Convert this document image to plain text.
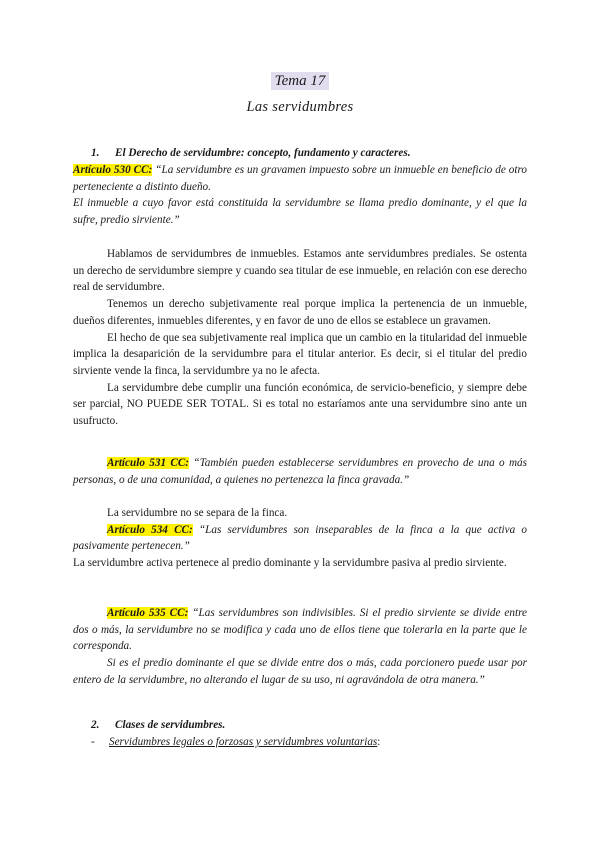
Tema 17
Las servidumbres
1. El Derecho de servidumbre: concepto, fundamento y caracteres.

Artículo 530 CC: “La servidumbre es un gravamen impuesto sobre un inmueble en beneficio de otro perteneciente a distinto dueño.

El inmueble a cuyo favor está constituida la servidumbre se llama predio dominante, y el que la sufre, predio sirviente.”

Hablamos de servidumbres de inmuebles. Estamos ante servidumbres prediales. Se ostenta un derecho de servidumbre siempre y cuando sea titular de ese inmueble, en relación con ese derecho real de servidumbre.

Tenemos un derecho subjetivamente real porque implica la pertenencia de un inmueble, dueños diferentes, inmuebles diferentes, y en favor de uno de ellos se establece un gravamen.

El hecho de que sea subjetivamente real implica que un cambio en la titularidad del inmueble implica la desaparición de la servidumbre para el titular anterior. Es decir, si el titular del predio sirviente vende la finca, la servidumbre ya no le afecta.

La servidumbre debe cumplir una función económica, de servicio-beneficio, y siempre debe ser parcial, NO PUEDE SER TOTAL. Si es total no estaríamos ante una servidumbre sino ante un usufructo.

Artículo 531 CC: “También pueden establecerse servidumbres en provecho de una o más personas, o de una comunidad, a quienes no pertenezca la finca gravada.”

La servidumbre no se separa de la finca.

Artículo 534 CC: “Las servidumbres son inseparables de la finca a la que activa o pasivamente pertenecen.”

La servidumbre activa pertenece al predio dominante y la servidumbre pasiva al predio sirviente.

Artículo 535 CC: “Las servidumbres son indivisibles. Si el predio sirviente se divide entre dos o más, la servidumbre no se modifica y cada uno de ellos tiene que tolerarla en la parte que le corresponda.

Si es el predio dominante el que se divide entre dos o más, cada porcionero puede usar por entero de la servidumbre, no alterando el lugar de su uso, ni agravándola de otra manera.”

2. Clases de servidumbres.
- Servidumbres legales o forzosas y servidumbres voluntarias:
